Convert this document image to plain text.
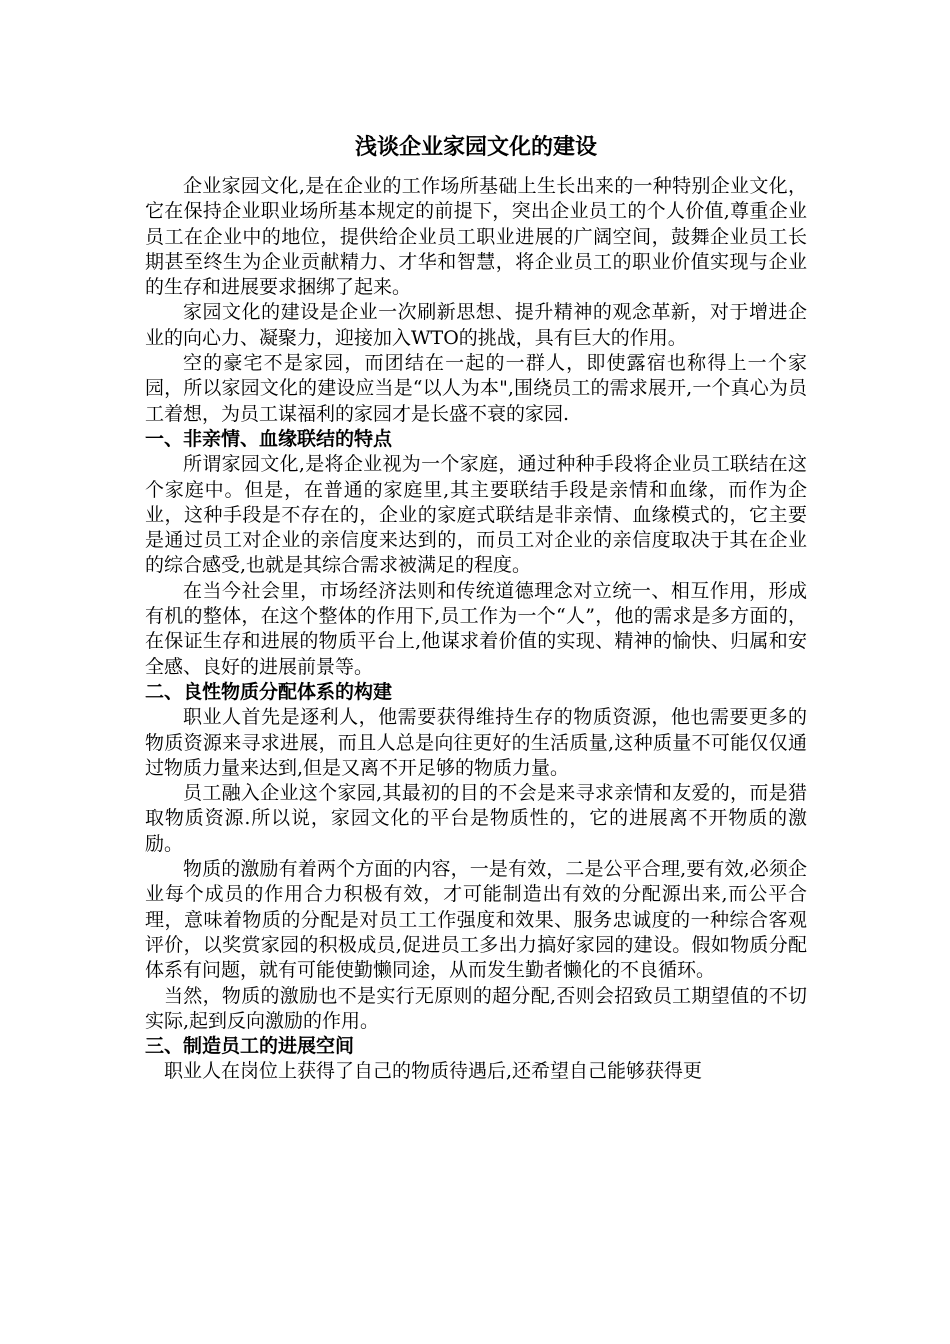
浅谈企业家园文化的建设

企业家园文化,是在企业的工作场所基础上生长出来的一种特别企业文化，它在保持企业职业场所基本规定的前提下，突出企业员工的个人价值,尊重企业员工在企业中的地位，提供给企业员工职业进展的广阔空间，鼓舞企业员工长期甚至终生为企业贡献精力、才华和智慧，将企业员工的职业价值实现与企业的生存和进展要求捆绑了起来。

家园文化的建设是企业一次刷新思想、提升精神的观念革新，对于增进企业的向心力、凝聚力，迎接加入WTO的挑战，具有巨大的作用。

空的豪宅不是家园，而团结在一起的一群人，即使露宿也称得上一个家园，所以家园文化的建设应当是“以人为本",围绕员工的需求展开,一个真心为员工着想，为员工谋福利的家园才是长盛不衰的家园.

一、非亲情、血缘联结的特点

所谓家园文化,是将企业视为一个家庭，通过种种手段将企业员工联结在这个家庭中。但是，在普通的家庭里,其主要联结手段是亲情和血缘，而作为企业，这种手段是不存在的，企业的家庭式联结是非亲情、血缘模式的，它主要是通过员工对企业的亲信度来达到的，而员工对企业的亲信度取决于其在企业的综合感受,也就是其综合需求被满足的程度。

在当今社会里，市场经济法则和传统道德理念对立统一、相互作用，形成有机的整体，在这个整体的作用下,员工作为一个“人”，他的需求是多方面的，在保证生存和进展的物质平台上,他谋求着价值的实现、精神的愉快、归属和安全感、良好的进展前景等。

二、良性物质分配体系的构建

职业人首先是逐利人，他需要获得维持生存的物质资源，他也需要更多的物质资源来寻求进展，而且人总是向往更好的生活质量,这种质量不可能仅仅通过物质力量来达到,但是又离不开足够的物质力量。

员工融入企业这个家园,其最初的目的不会是来寻求亲情和友爱的，而是猎取物质资源.所以说，家园文化的平台是物质性的，它的进展离不开物质的激励。

物质的激励有着两个方面的内容，一是有效，二是公平合理,要有效,必须企业每个成员的作用合力积极有效，才可能制造出有效的分配源出来,而公平合理，意味着物质的分配是对员工工作强度和效果、服务忠诚度的一种综合客观评价，以奖赏家园的积极成员,促进员工多出力搞好家园的建设。假如物质分配体系有问题，就有可能使勤懒同途，从而发生勤者懒化的不良循环。

当然，物质的激励也不是实行无原则的超分配,否则会招致员工期望值的不切实际,起到反向激励的作用。

三、制造员工的进展空间

职业人在岗位上获得了自己的物质待遇后,还希望自己能够获得更
